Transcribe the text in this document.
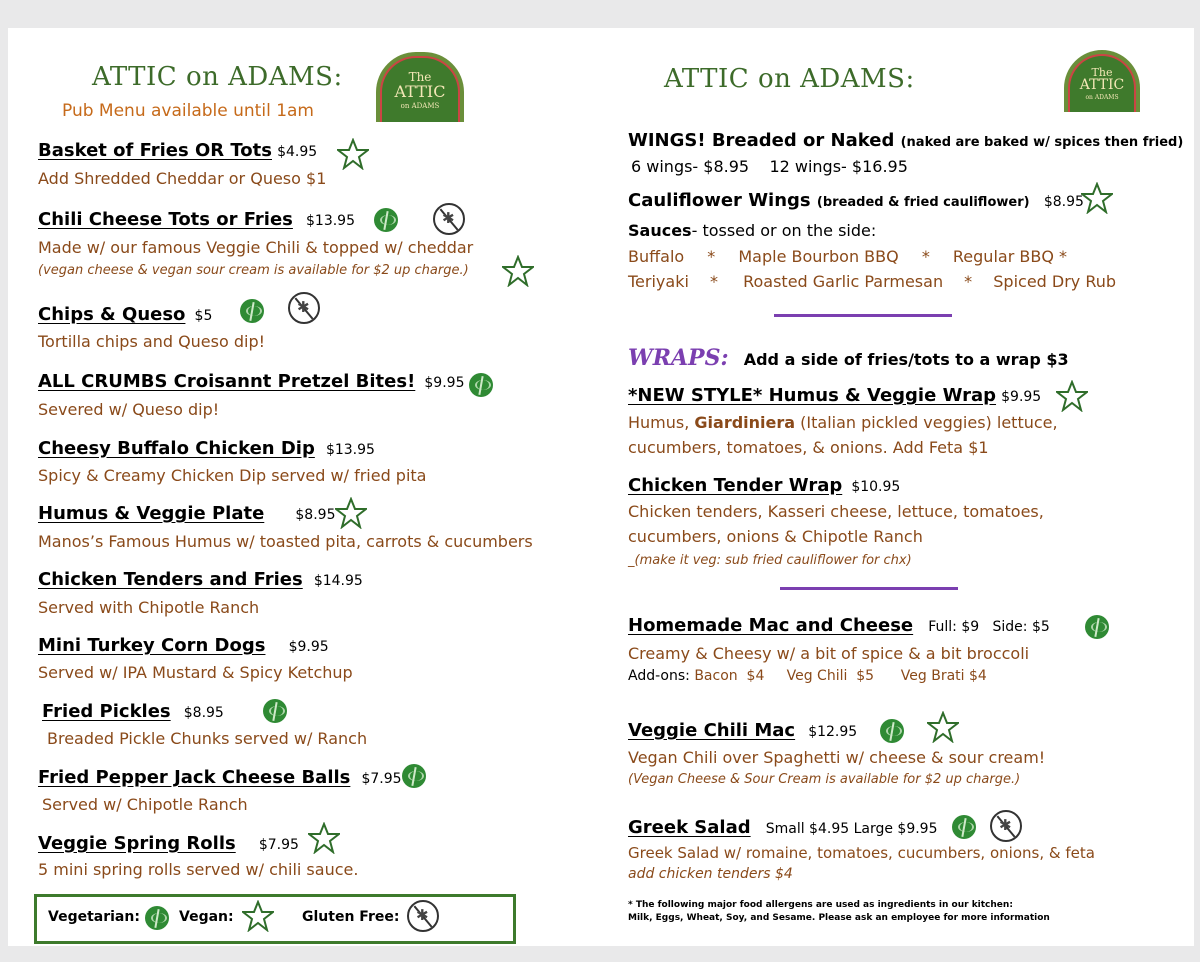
ATTIC on ADAMS:
Pub Menu available until 1am
The
ATTIC
on ADAMS
Basket of Fries OR Tots $4.95
Add Shredded Cheddar or Queso $1
Chili Cheese Tots or Fries $13.95
✱
Made w/ our famous Veggie Chili & topped w/ cheddar
(vegan cheese & vegan sour cream is available for $2 up charge.)
Chips & Queso $5
✱
Tortilla chips and Queso dip!
ALL CRUMBS Croisannt Pretzel Bites! $9.95
Severed w/ Queso dip!
Cheesy Buffalo Chicken Dip $13.95
Spicy & Creamy Chicken Dip served w/ fried pita
Humus & Veggie Plate $8.95
Manos’s Famous Humus w/ toasted pita, carrots & cucumbers
Chicken Tenders and Fries $14.95
Served with Chipotle Ranch
Mini Turkey Corn Dogs $9.95
Served w/ IPA Mustard & Spicy Ketchup
Fried Pickles $8.95
Breaded Pickle Chunks served w/ Ranch
Fried Pepper Jack Cheese Balls $7.95
Served w/ Chipotle Ranch
Veggie Spring Rolls $7.95
5 mini spring rolls served w/ chili sauce.
Vegetarian:	Vegan:	Gluten Free:
✱
ATTIC on ADAMS:	The
ATTIC
on ADAMS
WINGS! Breaded or Naked (naked are baked w/ spices then fried)
6 wings- $8.95    12 wings- $16.95
Cauliflower Wings (breaded & fried cauliflower) $8.95
Sauces- tossed or on the side:
Buffalo * Maple Bourbon BBQ * Regular BBQ *
Teriyaki * Roasted Garlic Parmesan * Spiced Dry Rub
WRAPS: Add a side of fries/tots to a wrap $3
*NEW STYLE* Humus & Veggie Wrap $9.95
Humus, Giardiniera (Italian pickled veggies) lettuce,
cucumbers, tomatoes, & onions. Add Feta $1
Chicken Tender Wrap $10.95
Chicken tenders, Kasseri cheese, lettuce, tomatoes,
cucumbers, onions & Chipotle Ranch
_(make it veg: sub fried cauliflower for chx)
Homemade Mac and Cheese Full: $9   Side: $5
Creamy & Cheesy w/ a bit of spice & a bit broccoli
Add-ons: Bacon  $4     Veg Chili  $5      Veg Brati $4
Veggie Chili Mac $12.95
Vegan Chili over Spaghetti w/ cheese & sour cream!
(Vegan Cheese & Sour Cream is available for $2 up charge.)
Greek Salad Small $4.95 Large $9.95
✱
Greek Salad w/ romaine, tomatoes, cucumbers, onions, & feta
add chicken tenders $4
* The following major food allergens are used as ingredients in our kitchen:
Milk, Eggs, Wheat, Soy, and Sesame. Please ask an employee for more information
